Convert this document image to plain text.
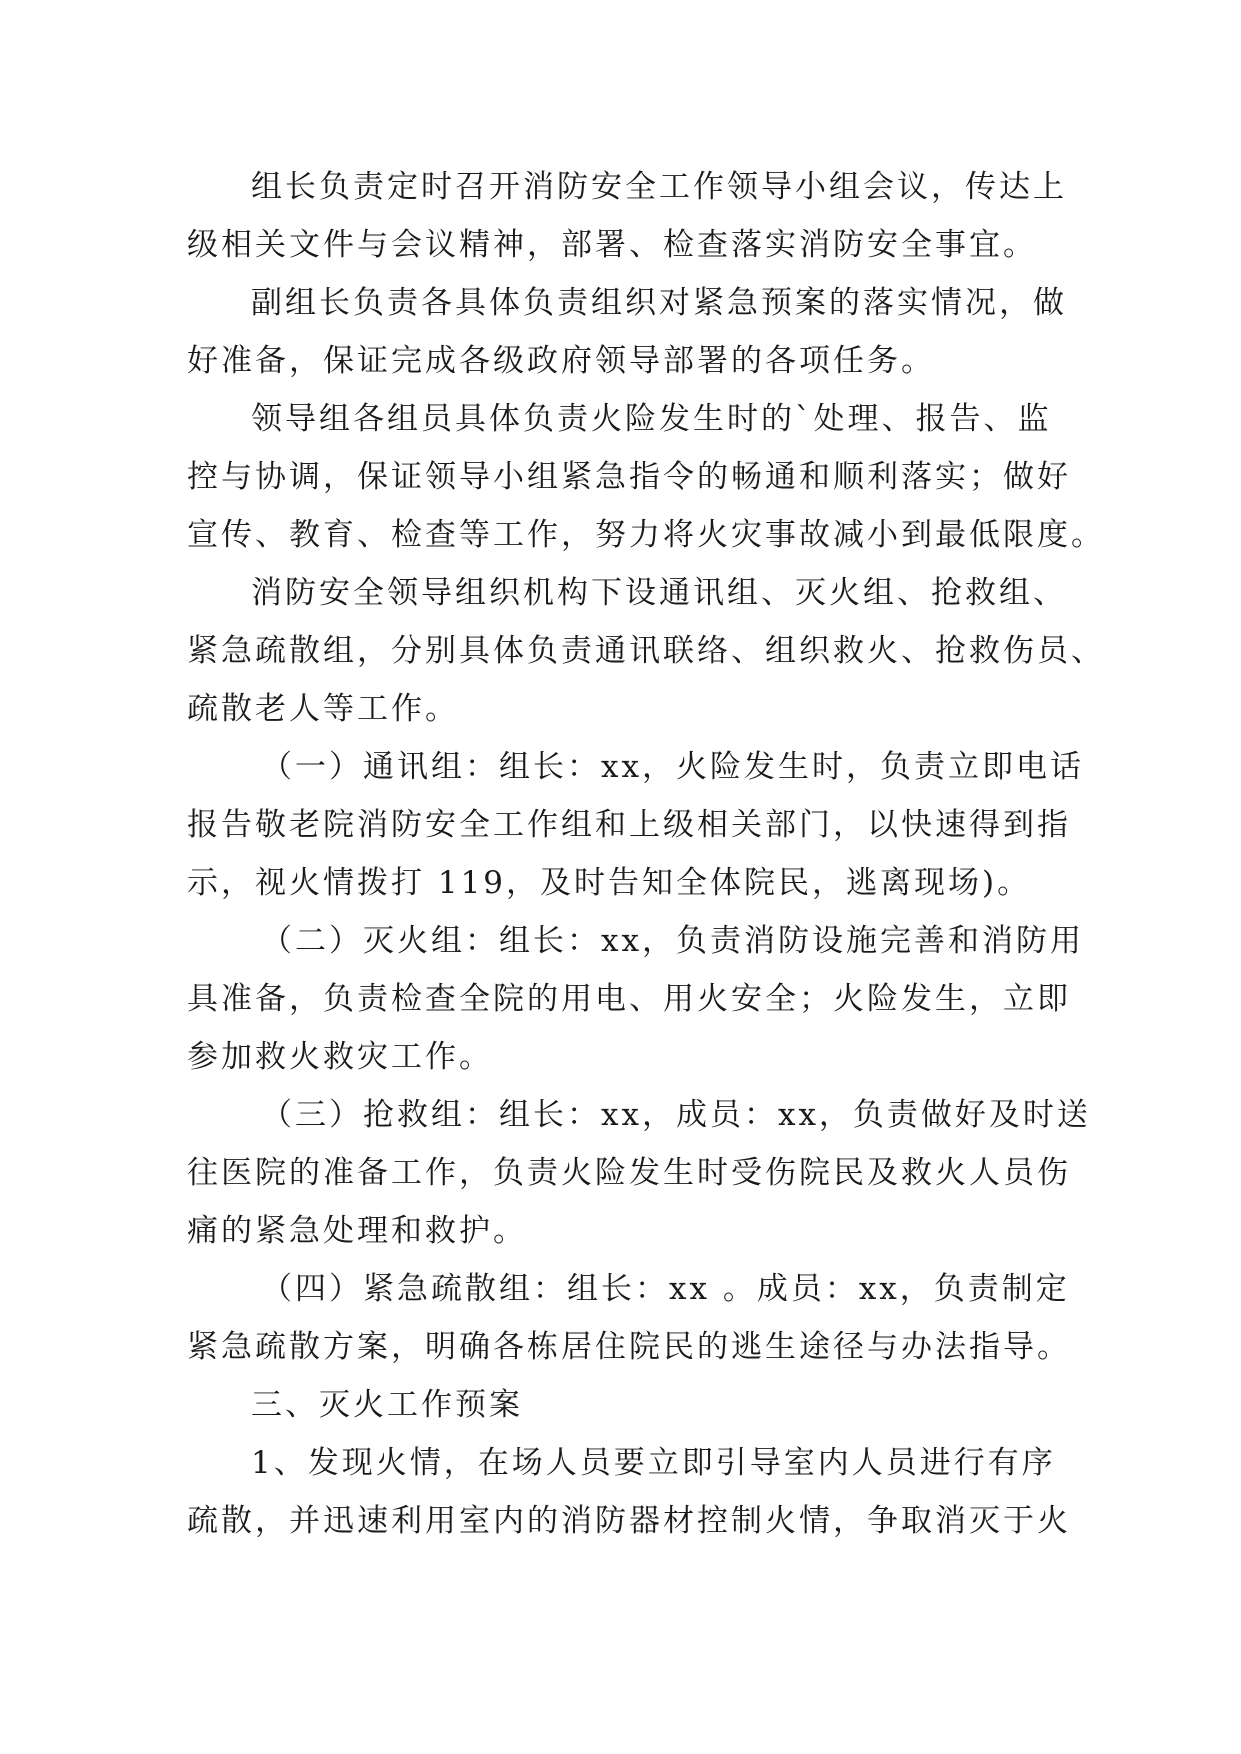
组长负责定时召开消防安全工作领导小组会议，传达上
级相关文件与会议精神，部署、检查落实消防安全事宜。
副组长负责各具体负责组织对紧急预案的落实情况，做
好准备，保证完成各级政府领导部署的各项任务。
领导组各组员具体负责火险发生时的`处理、报告、监
控与协调，保证领导小组紧急指令的畅通和顺利落实；做好
宣传、教育、检查等工作，努力将火灾事故减小到最低限度。
消防安全领导组织机构下设通讯组、灭火组、抢救组、
紧急疏散组，分别具体负责通讯联络、组织救火、抢救伤员、
疏散老人等工作。
（一）通讯组：组长：xx，火险发生时，负责立即电话
报告敬老院消防安全工作组和上级相关部门，以快速得到指
示，视火情拨打 119，及时告知全体院民，逃离现场)。
（二）灭火组：组长：xx，负责消防设施完善和消防用
具准备，负责检查全院的用电、用火安全；火险发生，立即
参加救火救灾工作。
（三）抢救组：组长：xx，成员：xx，负责做好及时送
往医院的准备工作，负责火险发生时受伤院民及救火人员伤
痛的紧急处理和救护。
（四）紧急疏散组：组长：xx 。成员：xx，负责制定
紧急疏散方案，明确各栋居住院民的逃生途径与办法指导。
三、灭火工作预案
1、发现火情，在场人员要立即引导室内人员进行有序
疏散，并迅速利用室内的消防器材控制火情，争取消灭于火
